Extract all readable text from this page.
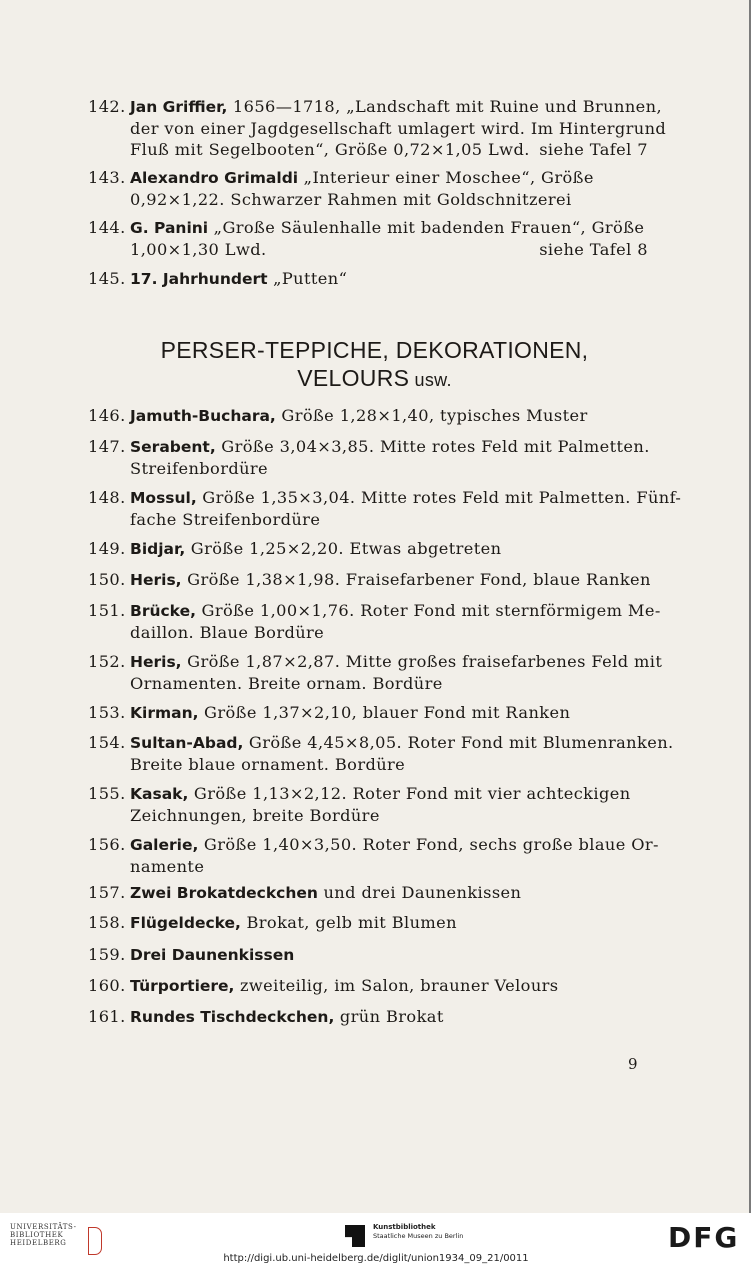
142. Jan Griffier, 1656—1718, „Landschaft mit Ruine und Brunnen,
der von einer Jagdgesellschaft umlagert wird. Im Hintergrund
Fluß mit Segelbooten“, Größe 0,72×1,05 Lwd. siehe Tafel 7
143. Alexandro Grimaldi „Interieur einer Moschee“, Größe
0,92×1,22. Schwarzer Rahmen mit Goldschnitzerei
144. G. Panini „Große Säulenhalle mit badenden Frauen“, Größe
1,00×1,30 Lwd.	siehe Tafel 8
145. 17. Jahrhundert „Putten“
PERSER-TEPPICHE, DEKORATIONEN,
VELOURS usw.
146. Jamuth-Buchara, Größe 1,28×1,40, typisches Muster
147. Serabent, Größe 3,04×3,85. Mitte rotes Feld mit Palmetten.
Streifenbordüre
148. Mossul, Größe 1,35×3,04. Mitte rotes Feld mit Palmetten. Fünf-
fache Streifenbordüre
149. Bidjar, Größe 1,25×2,20. Etwas abgetreten
150. Heris, Größe 1,38×1,98. Fraisefarbener Fond, blaue Ranken
151. Brücke, Größe 1,00×1,76. Roter Fond mit sternförmigem Me-
daillon. Blaue Bordüre
152. Heris, Größe 1,87×2,87. Mitte großes fraisefarbenes Feld mit
Ornamenten. Breite ornam. Bordüre
153. Kirman, Größe 1,37×2,10, blauer Fond mit Ranken
154. Sultan-Abad, Größe 4,45×8,05. Roter Fond mit Blumenranken.
Breite blaue ornament. Bordüre
155. Kasak, Größe 1,13×2,12. Roter Fond mit vier achteckigen
Zeichnungen, breite Bordüre
156. Galerie, Größe 1,40×3,50. Roter Fond, sechs große blaue Or-
namente
157. Zwei Brokatdeckchen und drei Daunenkissen
158. Flügeldecke, Brokat, gelb mit Blumen
159. Drei Daunenkissen
160. Türportiere, zweiteilig, im Salon, brauner Velours
161. Rundes Tischdeckchen, grün Brokat
9
UNIVERSITÄTS-
BIBLIOTHEK
HEIDELBERG
Kunstbibliothek
Staatliche Museen zu Berlin	DFG
http://digi.ub.uni-heidelberg.de/diglit/union1934_09_21/0011
